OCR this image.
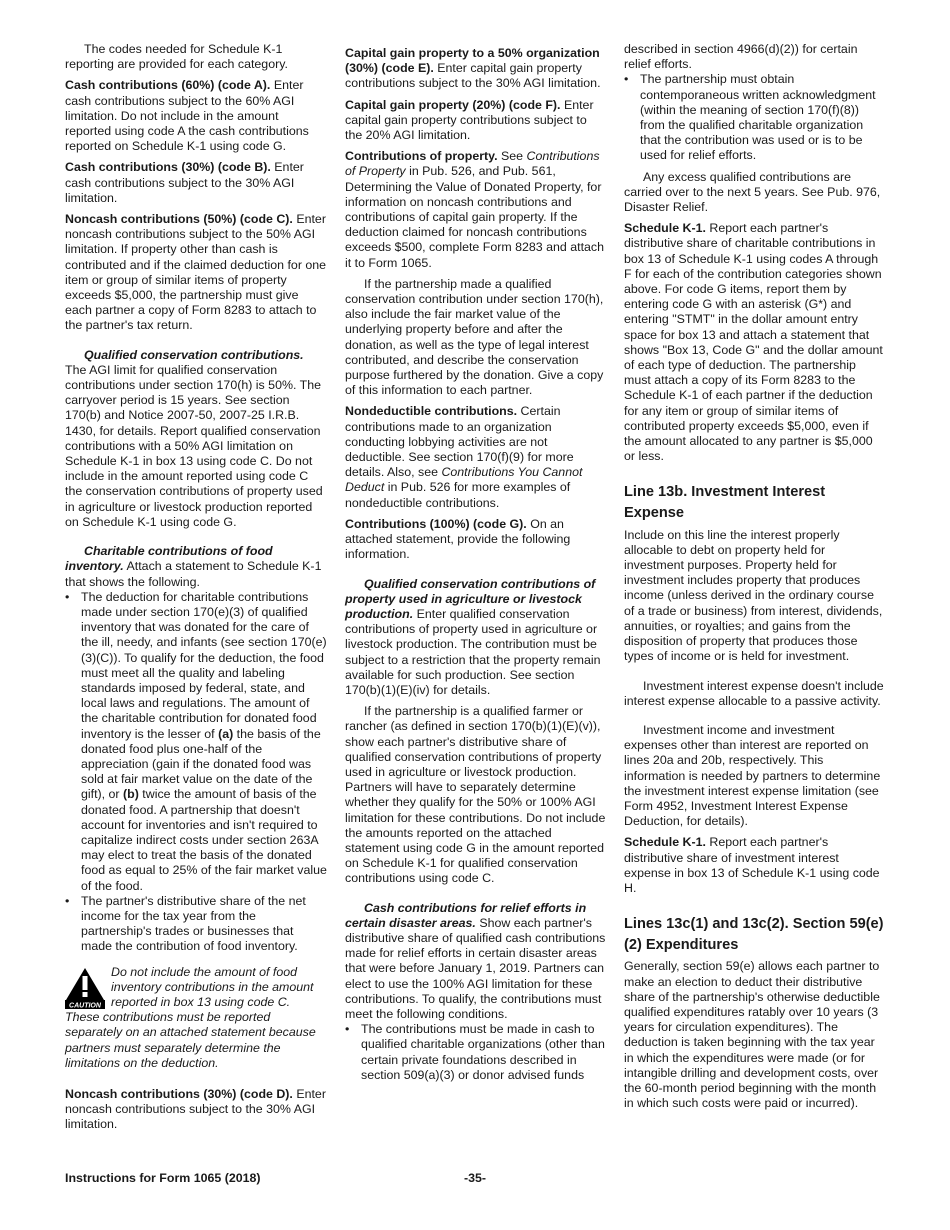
The codes needed for Schedule K-1 reporting are provided for each category.

Cash contributions (60%) (code A). Enter cash contributions subject to the 60% AGI limitation. Do not include in the amount reported using code A the cash contributions reported on Schedule K-1 using code G.

Cash contributions (30%) (code B). Enter cash contributions subject to the 30% AGI limitation.

Noncash contributions (50%) (code C). Enter noncash contributions subject to the 50% AGI limitation. If property other than cash is contributed and if the claimed deduction for one item or group of similar items of property exceeds $5,000, the partnership must give each partner a copy of Form 8283 to attach to the partner's tax return.

Qualified conservation contributions. The AGI limit for qualified conservation contributions under section 170(h) is 50%. The carryover period is 15 years. See section 170(b) and Notice 2007-50, 2007-25 I.R.B. 1430, for details. Report qualified conservation contributions with a 50% AGI limitation on Schedule K-1 in box 13 using code C. Do not include in the amount reported using code C the conservation contributions of property used in agriculture or livestock production reported on Schedule K-1 using code G.

Charitable contributions of food inventory. Attach a statement to Schedule K-1 that shows the following.

• The deduction for charitable contributions made under section 170(e)(3) of qualified inventory that was donated for the care of the ill, needy, and infants (see section 170(e)(3)(C)). To qualify for the deduction, the food must meet all the quality and labeling standards imposed by federal, state, and local laws and regulations. The amount of the charitable contribution for donated food inventory is the lesser of (a) the basis of the donated food plus one-half of the appreciation (gain if the donated food was sold at fair market value on the date of the gift), or (b) twice the amount of basis of the donated food. A partnership that doesn't account for inventories and isn't required to capitalize indirect costs under section 263A may elect to treat the basis of the donated food as equal to 25% of the fair market value of the food.
• The partner's distributive share of the net income for the tax year from the partnership's trades or businesses that made the contribution of food inventory.
CAUTION
Do not include the amount of food inventory contributions in the amount reported in box 13 using code C. These contributions must be reported separately on an attached statement because partners must separately determine the limitations on the deduction.

Noncash contributions (30%) (code D). Enter noncash contributions subject to the 30% AGI limitation.

Capital gain property to a 50% organization (30%) (code E). Enter capital gain property contributions subject to the 30% AGI limitation.

Capital gain property (20%) (code F). Enter capital gain property contributions subject to the 20% AGI limitation.

Contributions of property. See Contributions of Property in Pub. 526, and Pub. 561, Determining the Value of Donated Property, for information on noncash contributions and contributions of capital gain property. If the deduction claimed for noncash contributions exceeds $500, complete Form 8283 and attach it to Form 1065.

If the partnership made a qualified conservation contribution under section 170(h), also include the fair market value of the underlying property before and after the donation, as well as the type of legal interest contributed, and describe the conservation purpose furthered by the donation. Give a copy of this information to each partner.

Nondeductible contributions. Certain contributions made to an organization conducting lobbying activities are not deductible. See section 170(f)(9) for more details. Also, see Contributions You Cannot Deduct in Pub. 526 for more examples of nondeductible contributions.

Contributions (100%) (code G). On an attached statement, provide the following information.

Qualified conservation contributions of property used in agriculture or livestock production. Enter qualified conservation contributions of property used in agriculture or livestock production. The contribution must be subject to a restriction that the property remain available for such production. See section 170(b)(1)(E)(iv) for details.

If the partnership is a qualified farmer or rancher (as defined in section 170(b)(1)(E)(v)), show each partner's distributive share of qualified conservation contributions of property used in agriculture or livestock production. Partners will have to separately determine whether they qualify for the 50% or 100% AGI limitation for these contributions. Do not include the amounts reported on the attached statement using code G in the amount reported on Schedule K-1 for qualified conservation contributions using code C.

Cash contributions for relief efforts in certain disaster areas. Show each partner's distributive share of qualified cash contributions made for relief efforts in certain disaster areas that were before January 1, 2019. Partners can elect to use the 100% AGI limitation for these contributions. To qualify, the contributions must meet the following conditions.

• The contributions must be made in cash to qualified charitable organizations (other than certain private foundations described in section 509(a)(3) or donor advised funds

described in section 4966(d)(2)) for certain relief efforts.

• The partnership must obtain contemporaneous written acknowledgment (within the meaning of section 170(f)(8)) from the qualified charitable organization that the contribution was used or is to be used for relief efforts.

Any excess qualified contributions are carried over to the next 5 years. See Pub. 976, Disaster Relief.

Schedule K-1. Report each partner's distributive share of charitable contributions in box 13 of Schedule K-1 using codes A through F for each of the contribution categories shown above. For code G items, report them by entering code G with an asterisk (G*) and entering "STMT" in the dollar amount entry space for box 13 and attach a statement that shows "Box 13, Code G" and the dollar amount of each type of deduction. The partnership must attach a copy of its Form 8283 to the Schedule K-1 of each partner if the deduction for any item or group of similar items of contributed property exceeds $5,000, even if the amount allocated to any partner is $5,000 or less.

Line 13b. Investment Interest Expense

Include on this line the interest properly allocable to debt on property held for investment purposes. Property held for investment includes property that produces income (unless derived in the ordinary course of a trade or business) from interest, dividends, annuities, or royalties; and gains from the disposition of property that produces those types of income or is held for investment.

Investment interest expense doesn't include interest expense allocable to a passive activity.

Investment income and investment expenses other than interest are reported on lines 20a and 20b, respectively. This information is needed by partners to determine the investment interest expense limitation (see Form 4952, Investment Interest Expense Deduction, for details).

Schedule K-1. Report each partner's distributive share of investment interest expense in box 13 of Schedule K-1 using code H.

Lines 13c(1) and 13c(2). Section 59(e)(2) Expenditures

Generally, section 59(e) allows each partner to make an election to deduct their distributive share of the partnership's otherwise deductible qualified expenditures ratably over 10 years (3 years for circulation expenditures). The deduction is taken beginning with the tax year in which the expenditures were made (or for intangible drilling and development costs, over the 60-month period beginning with the month in which such costs were paid or incurred).

Instructions for Form 1065 (2018)	-35-
